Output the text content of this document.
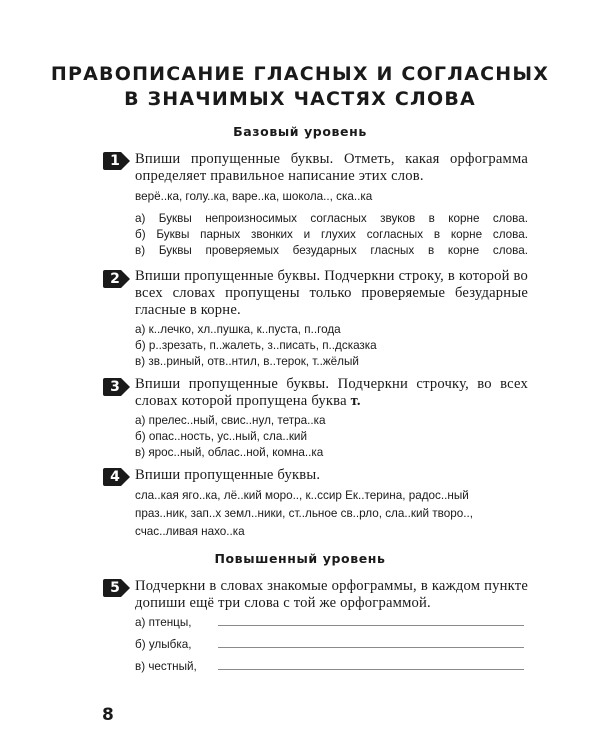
ПРАВОПИСАНИЕ ГЛАСНЫХ И СОГЛАСНЫХ
В ЗНАЧИМЫХ ЧАСТЯХ СЛОВА
Базовый уровень
1 Впиши пропущенные буквы. Отметь, какая орфограмма определяет правильное написание этих слов.
верё..ка, голу..ка, варе..ка, шокола.., ска..ка
а) Буквы непроизносимых согласных звуков в корне слова.
б) Буквы парных звонких и глухих согласных в корне слова.
в) Буквы проверяемых безударных гласных в корне слова.
2 Впиши пропущенные буквы. Подчеркни строку, в которой во всех словах пропущены только проверяемые безударные гласные в корне.
а) к..лечко, хл..пушка, к..пуста, п..года
б) р..зрезать, п..жалеть, з..писать, п..дсказка
в) зв..риный, отв..нтил, в..терок, т..жёлый
3 Впиши пропущенные буквы. Подчеркни строчку, во всех словах которой пропущена буква т.
а) прелес..ный, свис..нул, тетра..ка
б) опас..ность, ус..ный, сла..кий
в) ярос..ный, облас..ной, комна..ка
4 Впиши пропущенные буквы.
сла..кая яго..ка, лё..кий моро.., к..ссир Ек..терина, радос..ный
праз..ник, зап..х земл..ники, ст..льное св..рло, сла..кий твоpo..,
счас..ливая нахо..ка
Повышенный уровень
5 Подчеркни в словах знакомые орфограммы, в каждом пункте допиши ещё три слова с той же орфограммой.
а) птенцы,
б) улыбка,
в) честный,
8
